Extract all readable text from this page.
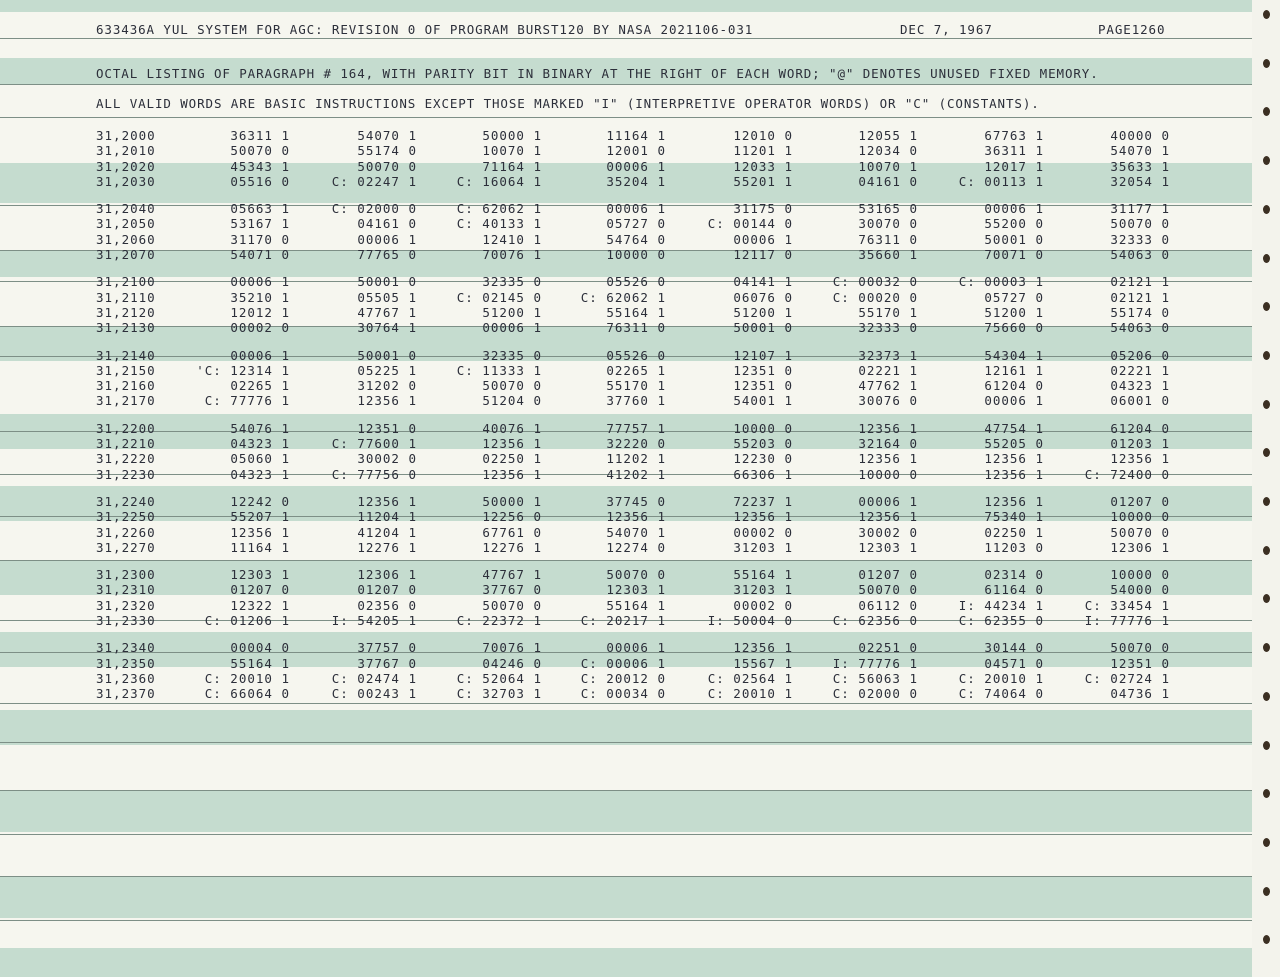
633436A YUL SYSTEM FOR AGC: REVISION 0 OF PROGRAM BURST120 BY NASA 2021106-031	DEC 7, 1967	PAGE1260
OCTAL LISTING OF PARAGRAPH # 164, WITH PARITY BIT IN BINARY AT THE RIGHT OF EACH WORD; "@" DENOTES UNUSED FIXED MEMORY.
ALL VALID WORDS ARE BASIC INSTRUCTIONS EXCEPT THOSE MARKED "I" (INTERPRETIVE OPERATOR WORDS) OR "C" (CONSTANTS).
31,2000	36311 1	54070 1	50000 1	11164 1	12010 0	12055 1	67763 1	40000 0
31,2010	50070 0	55174 0	10070 1	12001 0	11201 1	12034 0	36311 1	54070 1
31,2020	45343 1	50070 0	71164 1	00006 1	12033 1	10070 1	12017 1	35633 1
31,2030	05516 0	C: 02247 1	C: 16064 1	35204 1	55201 1	04161 0	C: 00113 1	32054 1
31,2040	05663 1	C: 02000 0	C: 62062 1	00006 1	31175 0	53165 0	00006 1	31177 1
31,2050	53167 1	04161 0	C: 40133 1	05727 0	C: 00144 0	30070 0	55200 0	50070 0
31,2060	31170 0	00006 1	12410 1	54764 0	00006 1	76311 0	50001 0	32333 0
31,2070	54071 0	77765 0	70076 1	10000 0	12117 0	35660 1	70071 0	54063 0
31,2100	00006 1	50001 0	32335 0	05526 0	04141 1	C: 00032 0	C: 00003 1	02121 1
31,2110	35210 1	05505 1	C: 02145 0	C: 62062 1	06076 0	C: 00020 0	05727 0	02121 1
31,2120	12012 1	47767 1	51200 1	55164 1	51200 1	55170 1	51200 1	55174 0
31,2130	00002 0	30764 1	00006 1	76311 0	50001 0	32333 0	75660 0	54063 0
31,2140	00006 1	50001 0	32335 0	05526 0	12107 1	32373 1	54304 1	05206 0
31,2150	'C: 12314 1	05225 1	C: 11333 1	02265 1	12351 0	02221 1	12161 1	02221 1
31,2160	02265 1	31202 0	50070 0	55170 1	12351 0	47762 1	61204 0	04323 1
31,2170	C: 77776 1	12356 1	51204 0	37760 1	54001 1	30076 0	00006 1	06001 0
31,2200	54076 1	12351 0	40076 1	77757 1	10000 0	12356 1	47754 1	61204 0
31,2210	04323 1	C: 77600 1	12356 1	32220 0	55203 0	32164 0	55205 0	01203 1
31,2220	05060 1	30002 0	02250 1	11202 1	12230 0	12356 1	12356 1	12356 1
31,2230	04323 1	C: 77756 0	12356 1	41202 1	66306 1	10000 0	12356 1	C: 72400 0
31,2240	12242 0	12356 1	50000 1	37745 0	72237 1	00006 1	12356 1	01207 0
31,2250	55207 1	11204 1	12256 0	12356 1	12356 1	12356 1	75340 1	10000 0
31,2260	12356 1	41204 1	67761 0	54070 1	00002 0	30002 0	02250 1	50070 0
31,2270	11164 1	12276 1	12276 1	12274 0	31203 1	12303 1	11203 0	12306 1
31,2300	12303 1	12306 1	47767 1	50070 0	55164 1	01207 0	02314 0	10000 0
31,2310	01207 0	01207 0	37767 0	12303 1	31203 1	50070 0	61164 0	54000 0
31,2320	12322 1	02356 0	50070 0	55164 1	00002 0	06112 0	I: 44234 1	C: 33454 1
31,2330	C: 01206 1	I: 54205 1	C: 22372 1	C: 20217 1	I: 50004 0	C: 62356 0	C: 62355 0	I: 77776 1
31,2340	00004 0	37757 0	70076 1	00006 1	12356 1	02251 0	30144 0	50070 0
31,2350	55164 1	37767 0	04246 0	C: 00006 1	15567 1	I: 77776 1	04571 0	12351 0
31,2360	C: 20010 1	C: 02474 1	C: 52064 1	C: 20012 0	C: 02564 1	C: 56063 1	C: 20010 1	C: 02724 1
31,2370	C: 66064 0	C: 00243 1	C: 32703 1	C: 00034 0	C: 20010 1	C: 02000 0	C: 74064 0	04736 1
